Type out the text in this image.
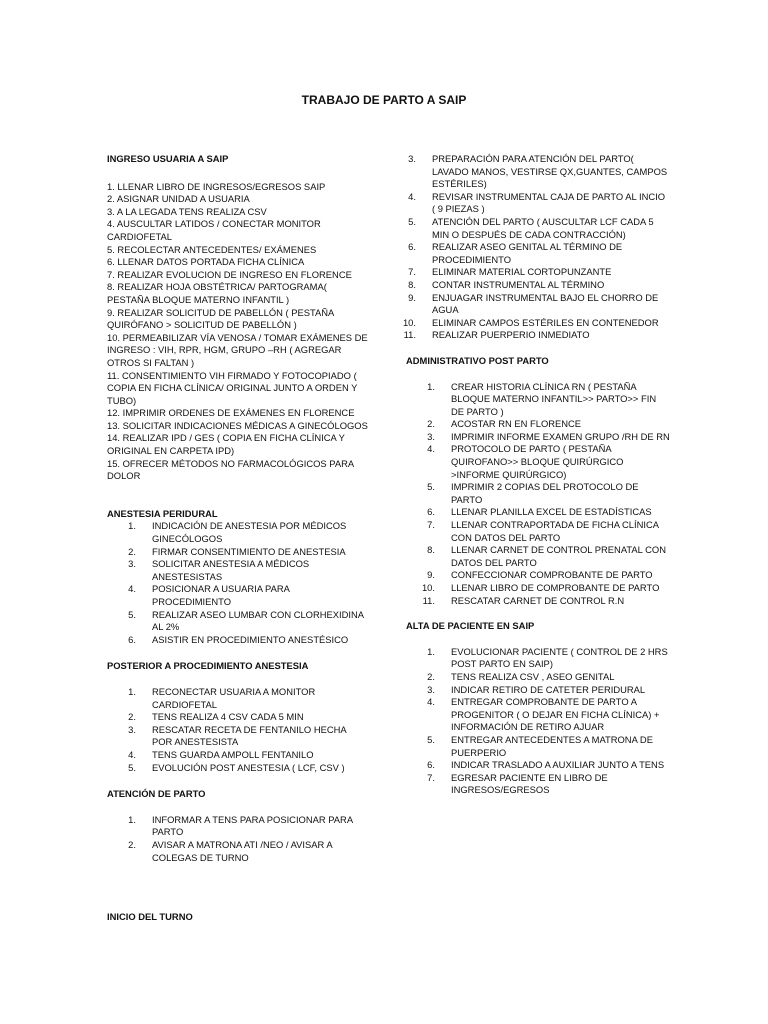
TRABAJO DE PARTO A SAIP

INGRESO USUARIA A SAIP

1. LLENAR LIBRO DE INGRESOS/EGRESOS SAIP
2. ASIGNAR UNIDAD A USUARIA
3. A LA LEGADA TENS REALIZA CSV
4. AUSCULTAR LATIDOS / CONECTAR MONITOR CARDIOFETAL
5. RECOLECTAR ANTECEDENTES/ EXÁMENES
6. LLENAR DATOS PORTADA FICHA CLÍNICA
7. REALIZAR EVOLUCION DE INGRESO EN FLORENCE
8. REALIZAR HOJA OBSTÉTRICA/ PARTOGRAMA( PESTAÑA BLOQUE MATERNO INFANTIL )
9. REALIZAR SOLICITUD DE PABELLÓN ( PESTAÑA QUIRÓFANO > SOLICITUD DE PABELLÓN )
10. PERMEABILIZAR VÍA VENOSA / TOMAR EXÁMENES DE INGRESO : VIH, RPR, HGM, GRUPO –RH ( AGREGAR OTROS SI FALTAN )
11. CONSENTIMIENTO VIH FIRMADO Y FOTOCOPIADO ( COPIA EN FICHA CLÍNICA/ ORIGINAL JUNTO A ORDEN Y TUBO)
12. IMPRIMIR ORDENES DE EXÁMENES EN FLORENCE
13. SOLICITAR INDICACIONES MÉDICAS A GINECÓLOGOS
14. REALIZAR IPD / GES ( COPIA EN FICHA CLÍNICA Y ORIGINAL EN CARPETA IPD)
15. OFRECER MÉTODOS NO FARMACOLÓGICOS PARA DOLOR

ANESTESIA PERIDURAL

1.	INDICACIÓN DE ANESTESIA POR MÉDICOS GINECÓLOGOS
2.	FIRMAR CONSENTIMIENTO DE ANESTESIA
3.	SOLICITAR ANESTESIA A MÉDICOS ANESTESISTAS
4.	POSICIONAR A USUARIA PARA PROCEDIMIENTO
5.	REALIZAR ASEO LUMBAR CON CLORHEXIDINA AL 2%
6.	ASISTIR EN PROCEDIMIENTO ANESTÉSICO

POSTERIOR A PROCEDIMIENTO ANESTESIA

1.	RECONECTAR USUARIA A MONITOR CARDIOFETAL
2.	TENS REALIZA 4 CSV CADA 5 MIN
3.	RESCATAR RECETA DE FENTANILO HECHA POR ANESTESISTA
4.	TENS GUARDA AMPOLL FENTANILO
5.	EVOLUCIÓN POST ANESTESIA ( LCF, CSV )

ATENCIÓN DE PARTO

1.	INFORMAR A TENS PARA POSICIONAR PARA PARTO
2.	AVISAR A MATRONA ATI /NEO / AVISAR A COLEGAS DE TURNO
3.	PREPARACIÓN PARA ATENCIÓN DEL PARTO( LAVADO MANOS, VESTIRSE QX,GUANTES, CAMPOS ESTÉRILES)
4.	REVISAR INSTRUMENTAL CAJA DE PARTO AL INCIO ( 9 PIEZAS )
5.	ATENCIÓN DEL PARTO ( AUSCULTAR LCF CADA 5 MIN O DESPUÉS DE CADA CONTRACCIÓN)
6.	REALIZAR ASEO GENITAL AL TÉRMINO DE PROCEDIMIENTO
7.	ELIMINAR MATERIAL CORTOPUNZANTE
8.	CONTAR INSTRUMENTAL AL TÉRMINO
9.	ENJUAGAR INSTRUMENTAL BAJO EL CHORRO DE AGUA
10.	ELIMINAR CAMPOS ESTÉRILES EN CONTENEDOR
11.	REALIZAR PUERPERIO INMEDIATO

ADMINISTRATIVO POST PARTO

1.	CREAR HISTORIA CLÍNICA RN ( PESTAÑA BLOQUE MATERNO INFANTIL>> PARTO>> FIN DE PARTO )
2.	ACOSTAR RN EN FLORENCE
3.	IMPRIMIR INFORME EXAMEN GRUPO /RH DE RN
4.	PROTOCOLO DE PARTO ( PESTAÑA QUIROFANO>> BLOQUE QUIRÚRGICO >INFORME QUIRÚRGICO)
5.	IMPRIMIR 2 COPIAS DEL PROTOCOLO DE PARTO
6.	LLENAR PLANILLA EXCEL DE ESTADÍSTICAS
7.	LLENAR CONTRAPORTADA DE FICHA CLÍNICA CON DATOS DEL PARTO
8.	LLENAR CARNET DE CONTROL PRENATAL CON DATOS DEL PARTO
9.	CONFECCIONAR COMPROBANTE DE PARTO
10.	LLENAR LIBRO DE COMPROBANTE DE PARTO
11.	RESCATAR CARNET DE CONTROL R.N

ALTA DE PACIENTE EN SAIP

1.	EVOLUCIONAR PACIENTE ( CONTROL DE 2 HRS POST PARTO EN SAIP)
2.	TENS REALIZA CSV , ASEO GENITAL
3.	INDICAR RETIRO DE CATETER PERIDURAL
4.	ENTREGAR COMPROBANTE DE PARTO A PROGENITOR ( O DEJAR EN FICHA CLÍNICA) + INFORMACIÓN DE RETIRO AJUAR
5.	ENTREGAR ANTECEDENTES A MATRONA DE PUERPERIO
6.	INDICAR TRASLADO A AUXILIAR JUNTO A TENS
7.	EGRESAR PACIENTE EN LIBRO DE INGRESOS/EGRESOS
INICIO DEL TURNO
